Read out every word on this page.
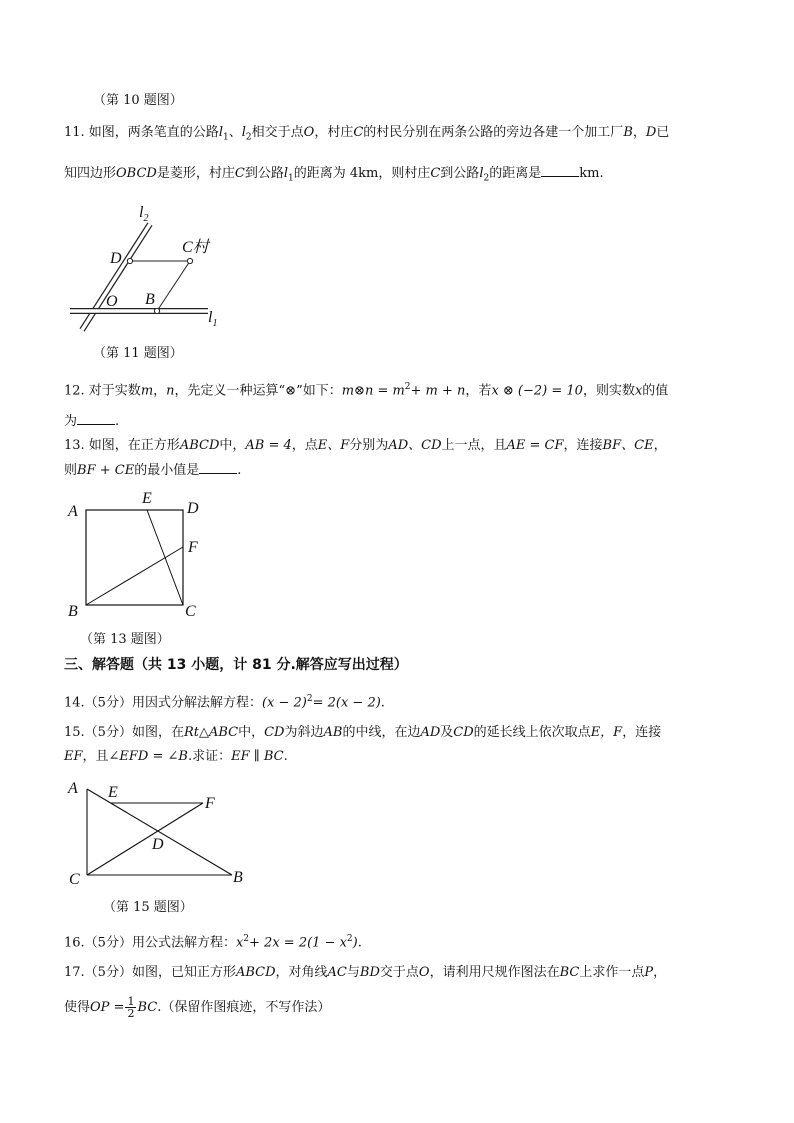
（第 10 题图）
11. 如图，两条笔直的公路$l_1$、$l_2$相交于点O，村庄C的村民分别在两条公路的旁边各建一个加工厂B，D已
知四边形OBCD是菱形，村庄C到公路$l_1$的距离为 4km，则村庄C到公路$l_2$的距离是	km.
$l_2$
D
C村
O B
$l_1$
（第 11 题图）
12. 对于实数m，n，先定义一种运算“⊗”如下：m⊗n = $m^2+ m + n$，若x ⊗ (−2) = 10，则实数x的值
为	.
13. 如图，在正方形ABCD中，AB = 4，点E、F分别为AD、CD上一点，且AE = CF，连接BF、CE，
则BF + CE的最小值是	.
A
E
D
F
B	C
（第 13 题图）
三、解答题（共 13 小题，计 81 分.解答应写出过程）
14.（5分）用因式分解法解方程：$(x - 2)^2= 2(x - 2)$.
15.（5分）如图，在Rt△ABC中，CD为斜边AB的中线，在边AD及CD的延长线上依次取点E，F，连接
EF，且∠EFD = ∠B.求证：EF ∥ BC.
A E
F
D
C	B
（第 15 题图）
16.（5分）用公式法解方程：$x^2+ 2x = 2(1 - x^2)$.
17.（5分）如图，已知正方形ABCD，对角线AC与BD交于点O，请利用尺规作图法在BC上求作一点P，
使得OP = $\frac{1}{2} BC$.（保留作图痕迹，不写作法）
